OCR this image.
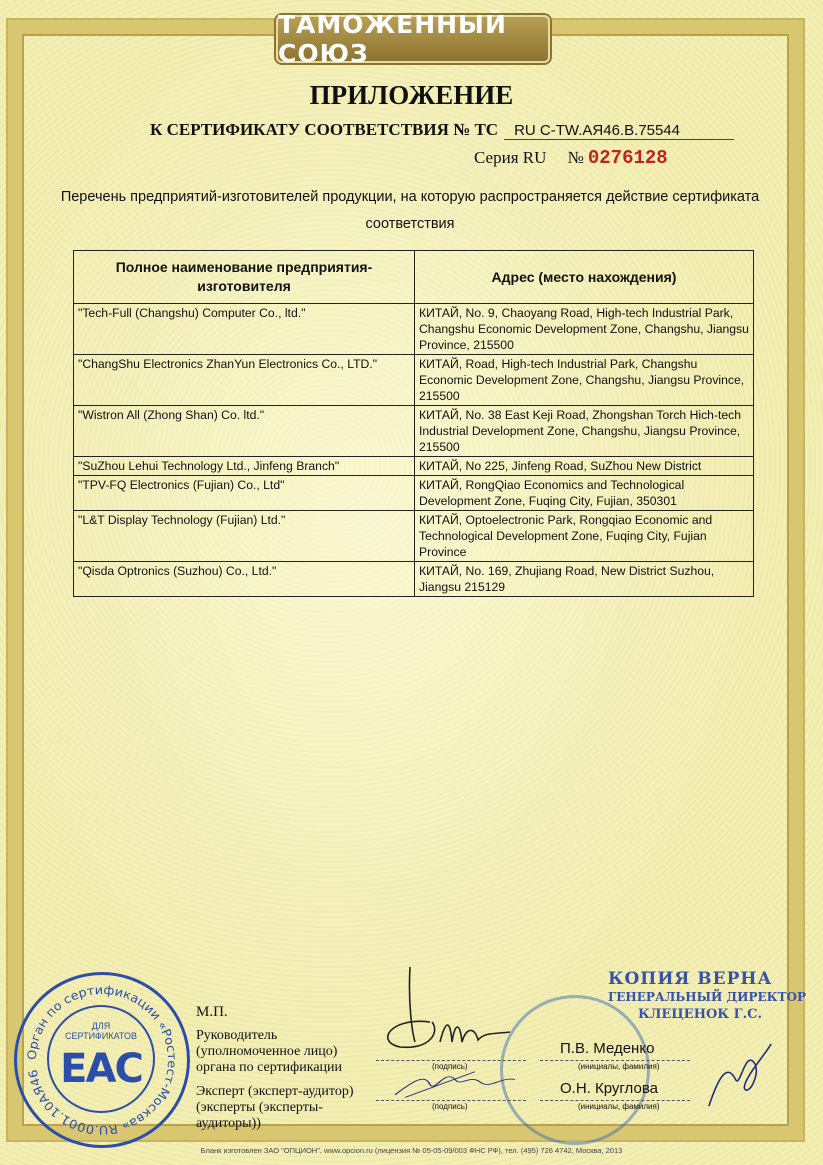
ТАМОЖЕННЫЙ СОЮЗ
ПРИЛОЖЕНИЕ
К СЕРТИФИКАТУ СООТВЕТСТВИЯ № ТС	RU C-TW.АЯ46.В.75544
Серия RU № 0276128
Перечень предприятий-изготовителей продукции, на которую распространяется действие сертификата соответствия
Полное наименование предприятия-изготовителя	Адрес (место нахождения)
"Tech-Full (Changshu) Computer Co., ltd."	КИТАЙ, No. 9, Chaoyang Road, High-tech Industrial Park, Changshu Economic Development Zone, Changshu, Jiangsu Province, 215500
"ChangShu Electronics ZhanYun Electronics Co., LTD."	КИТАЙ, Road, High-tech Industrial Park, Changshu Economic Development Zone, Changshu, Jiangsu Province, 215500
"Wistron All (Zhong Shan) Co. ltd."	КИТАЙ, No. 38 East Keji Road, Zhongshan Torch Hich-tech Industrial Development Zone, Changshu, Jiangsu Province, 215500
"SuZhou Lehui Technology Ltd., Jinfeng Branch"	КИТАЙ, No 225, Jinfeng Road, SuZhou New District
"TPV-FQ Electronics (Fujian) Co., Ltd"	КИТАЙ, RongQiao Economics and Technological Development Zone, Fuqing City, Fujian, 350301
"L&T Display Technology (Fujian) Ltd."	КИТАЙ, Optoelectronic Park, Rongqiao Economic and Technological Development Zone, Fuqing City, Fujian Province
"Qisda Optronics (Suzhou) Co., Ltd."	КИТАЙ, No. 169, Zhujiang Road, New District Suzhou, Jiangsu 215129
Орган по сертификации «Ростест-Москва» RU.0001.10АЯ46
ДЛЯ СЕРТИФИКАТОВ
ЕАС
М.П.
Руководитель (уполномоченное лицо) органа по сертификации
Эксперт (эксперт-аудитор) (эксперты (эксперты-аудиторы))
(подпись)	(инициалы, фамилия)
П.В. Меденко
(подпись)	(инициалы, фамилия)
О.Н. Круглова
КОПИЯ ВЕРНА
ГЕНЕРАЛЬНЫЙ ДИРЕКТОР
КЛЕЦЕНОК Г.С.
Бланк изготовлен ЗАО "ОПЦИОН", www.opcion.ru (лицензия № 05-05-09/003 ФНС РФ), тел. (495) 726 4742, Москва, 2013
